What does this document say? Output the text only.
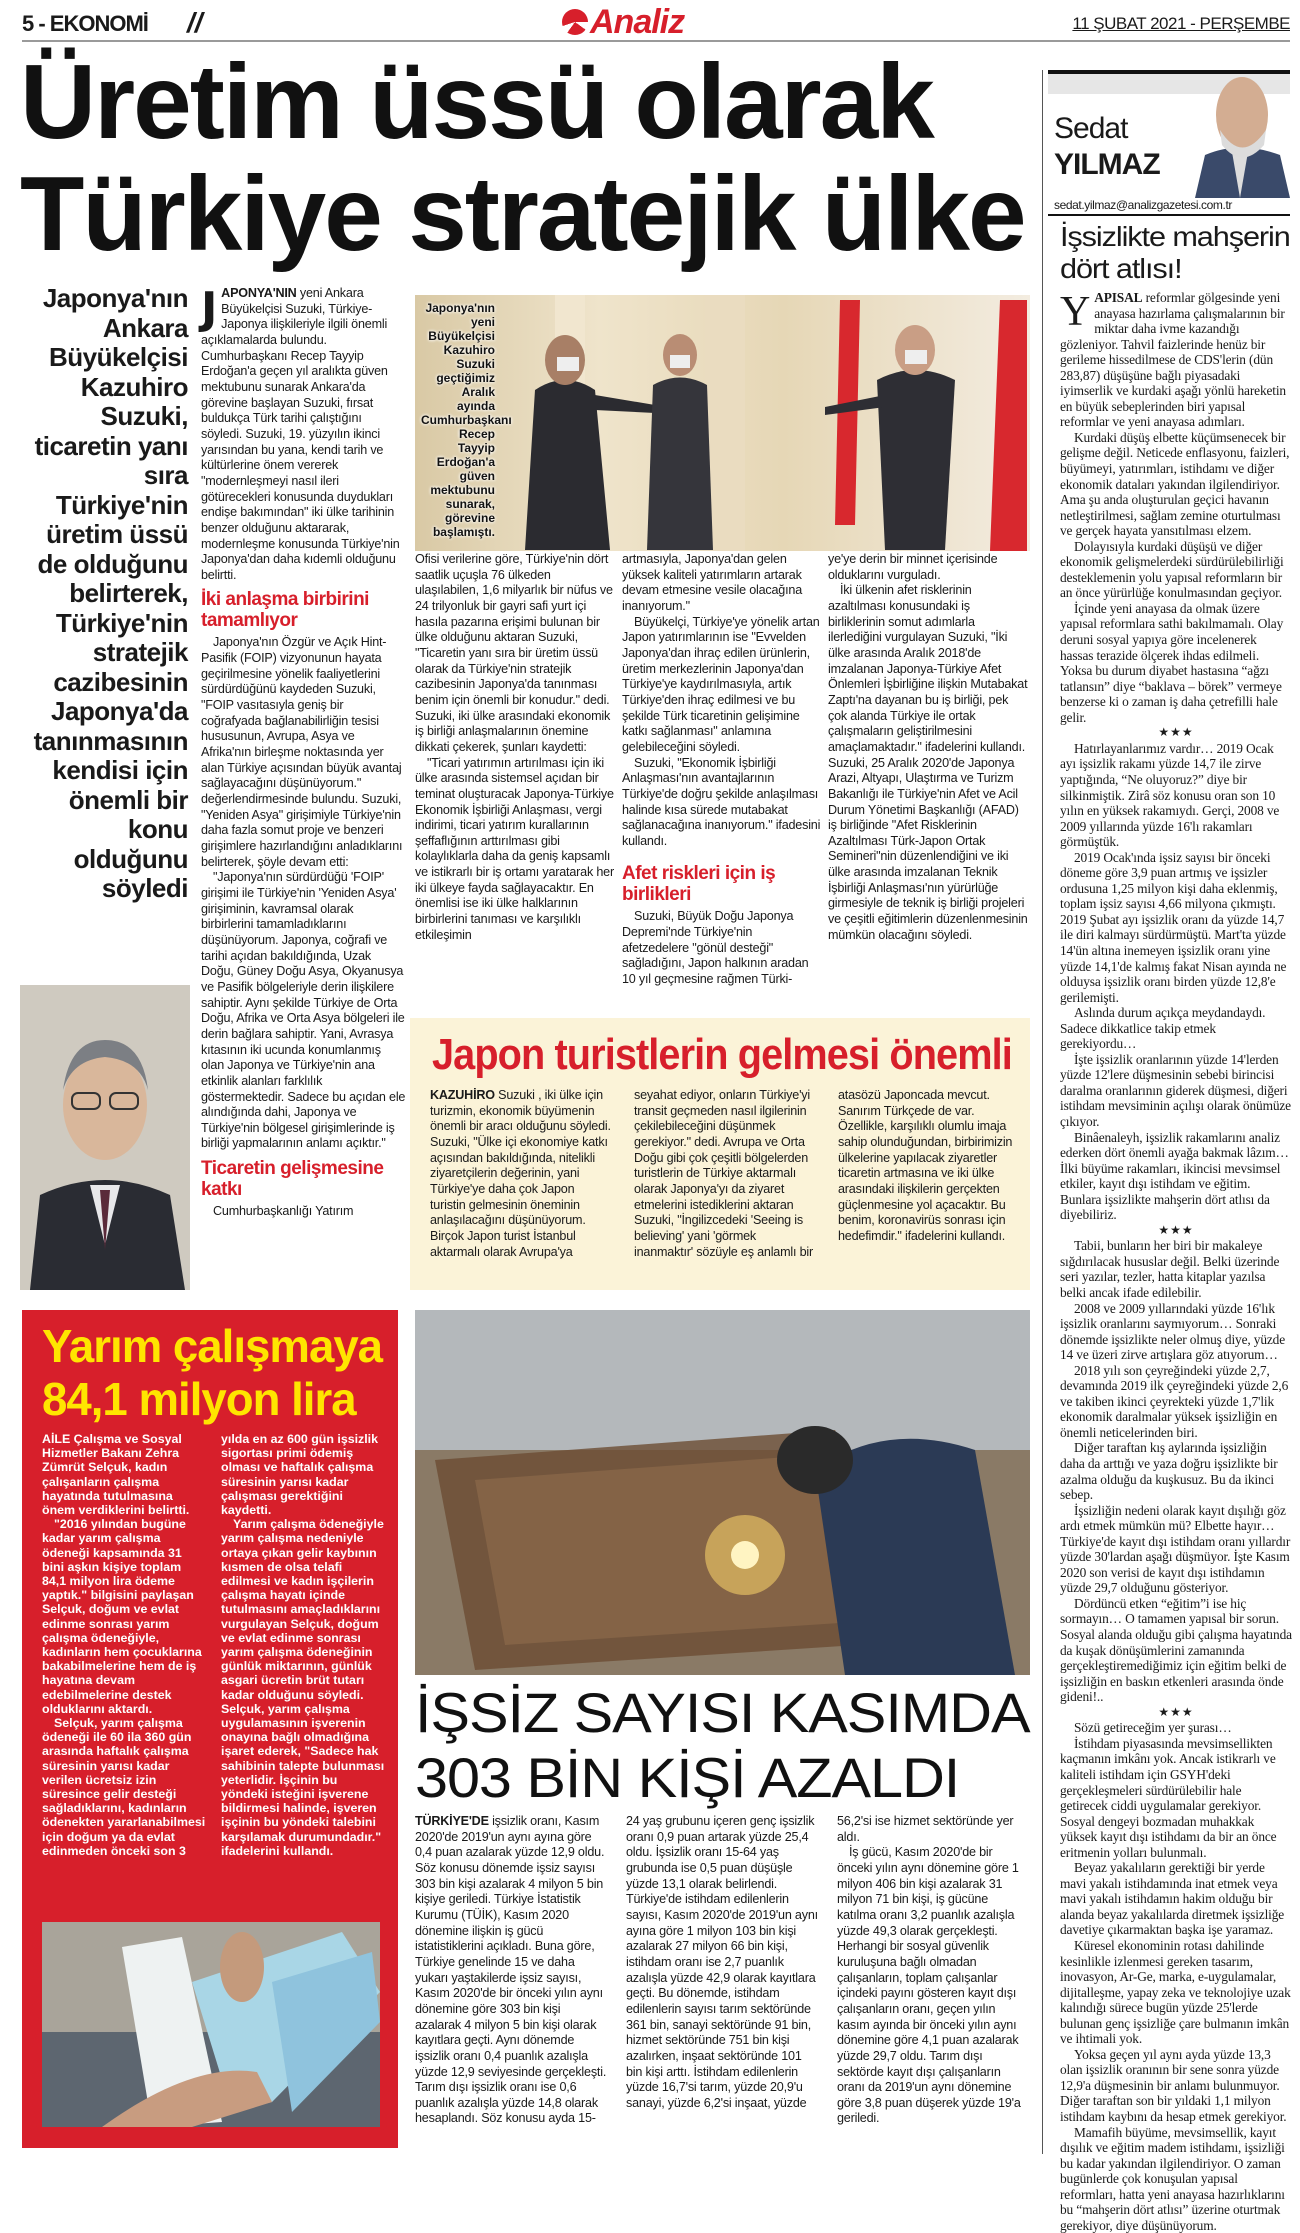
5 - EKONOMİ //	Analiz	11 ŞUBAT 2021 - PERŞEMBE
Üretim üssü olarak
Türkiye stratejik ülke
Japonya'nın Ankara Büyükelçisi Kazuhiro Suzuki, ticaretin yanı sıra Türkiye'nin üretim üssü de olduğunu belirterek, Türkiye'nin stratejik cazibesinin Japonya'da tanınmasının kendisi için önemli bir konu olduğunu söyledi

JAPONYA'NIN yeni Ankara Büyükelçisi Suzuki, Türkiye-Japonya ilişkileriyle ilgili önemli açıklamalarda bulundu. Cumhurbaşkanı Recep Tayyip Erdoğan'a geçen yıl aralıkta güven mektubunu sunarak Ankara'da görevine başlayan Suzuki, fırsat buldukça Türk tarihi çalıştığını söyledi. Suzuki, 19. yüzyılın ikinci yarısından bu yana, kendi tarih ve kültürlerine önem vererek "modernleşmeyi nasıl ileri götürecekleri konusunda duydukları endişe bakımından" iki ülke tarihinin benzer olduğunu aktararak, modernleşme konusunda Türkiye'nin Japonya'dan daha kıdemli olduğunu belirtti.

İki anlaşma birbirini tamamlıyor

Japonya'nın Özgür ve Açık Hint-Pasifik (FOIP) vizyonunun hayata geçirilmesine yönelik faaliyetlerini sürdürdüğünü kaydeden Suzuki, "FOIP vasıtasıyla geniş bir coğrafyada bağlanabilirliğin tesisi hususunun, Avrupa, Asya ve Afrika'nın birleşme noktasında yer alan Türkiye açısından büyük avantaj sağlayacağını düşünüyorum." değerlendirmesinde bulundu. Suzuki, "Yeniden Asya" girişimiyle Türkiye'nin daha fazla somut proje ve benzeri girişimlere hazırlandığını anladıklarını belirterek, şöyle devam etti:

"Japonya'nın sürdürdüğü 'FOIP' girişimi ile Türkiye'nin 'Yeniden Asya' girişiminin, kavramsal olarak birbirlerini tamamladıklarını düşünüyorum. Japonya, coğrafi ve tarihi açıdan bakıldığında, Uzak Doğu, Güney Doğu Asya, Okyanusya ve Pasifik bölgeleriyle derin ilişkilere sahiptir. Aynı şekilde Türkiye de Orta Doğu, Afrika ve Orta Asya bölgeleri ile derin bağlara sahiptir. Yani, Avrasya kıtasının iki ucunda konumlanmış olan Japonya ve Türkiye'nin ana etkinlik alanları farklılık göstermektedir. Sadece bu açıdan ele alındığında dahi, Japonya ve Türkiye'nin bölgesel girişimlerinde iş birliği yapmalarının anlamı açıktır."

Ticaretin gelişmesine katkı

Cumhurbaşkanlığı Yatırım

Japonya'nın yeni Büyükelçisi Kazuhiro Suzuki geçtiğimiz Aralık ayında Cumhurbaşkanı Recep Tayyip Erdoğan'a güven mektubunu sunarak, görevine başlamıştı.

Ofisi verilerine göre, Türkiye'nin dört saatlik uçuşla 76 ülkeden ulaşılabilen, 1,6 milyarlık bir nüfus ve 24 trilyonluk bir gayri safi yurt içi hasıla pazarına erişimi bulunan bir ülke olduğunu aktaran Suzuki, "Ticaretin yanı sıra bir üretim üssü olarak da Türkiye'nin stratejik cazibesinin Japonya'da tanınması benim için önemli bir konudur." dedi. Suzuki, iki ülke arasındaki ekonomik iş birliği anlaşmalarının önemine dikkati çekerek, şunları kaydetti:

"Ticari yatırımın artırılması için iki ülke arasında sistemsel açıdan bir teminat oluşturacak Japonya-Türkiye Ekonomik İşbirliği Anlaşması, vergi indirimi, ticari yatırım kurallarının şeffaflığının arttırılması gibi kolaylıklarla daha da geniş kapsamlı ve istikrarlı bir iş ortamı yaratarak her iki ülkeye fayda sağlayacaktır. En önemlisi ise iki ülke halklarının birbirlerini tanıması ve karşılıklı etkileşimin

artmasıyla, Japonya'dan gelen yüksek kaliteli yatırımların artarak devam etmesine vesile olacağına inanıyorum."

Büyükelçi, Türkiye'ye yönelik artan Japon yatırımlarının ise "Evvelden Japonya'dan ihraç edilen ürünlerin, üretim merkezlerinin Japonya'dan Türkiye'ye kaydırılmasıyla, artık Türkiye'den ihraç edilmesi ve bu şekilde Türk ticaretinin gelişimine katkı sağlanması" anlamına gelebileceğini söyledi.

Suzuki, "Ekonomik İşbirliği Anlaşması'nın avantajlarının Türkiye'de doğru şekilde anlaşılması halinde kısa sürede mutabakat sağlanacağına inanıyorum." ifadesini kullandı.

Afet riskleri için iş birlikleri

Suzuki, Büyük Doğu Japonya Depremi'nde Türkiye'nin afetzedelere "gönül desteği" sağladığını, Japon halkının aradan 10 yıl geçmesine rağmen Türki-

ye'ye derin bir minnet içerisinde olduklarını vurguladı.

İki ülkenin afet risklerinin azaltılması konusundaki iş birliklerinin somut adımlarla ilerlediğini vurgulayan Suzuki, "İki ülke arasında Aralık 2018'de imzalanan Japonya-Türkiye Afet Önlemleri İşbirliğine ilişkin Mutabakat Zaptı'na dayanan bu iş birliği, pek çok alanda Türkiye ile ortak çalışmaların geliştirilmesini amaçlamaktadır." ifadelerini kullandı. Suzuki, 25 Aralık 2020'de Japonya Arazi, Altyapı, Ulaştırma ve Turizm Bakanlığı ile Türkiye'nin Afet ve Acil Durum Yönetimi Başkanlığı (AFAD) iş birliğinde "Afet Risklerinin Azaltılması Türk-Japon Ortak Semineri"nin düzenlendiğini ve iki ülke arasında imzalanan Teknik İşbirliği Anlaşması'nın yürürlüğe girmesiyle de teknik iş birliği projeleri ve çeşitli eğitimlerin düzenlenmesinin mümkün olacağını söyledi.

Japon turistlerin gelmesi önemli

KAZUHİRO Suzuki , iki ülke için turizmin, ekonomik büyümenin önemli bir aracı olduğunu söyledi. Suzuki, "Ülke içi ekonomiye katkı açısından bakıldığında, nitelikli ziyaretçilerin değerinin, yani Türkiye'ye daha çok Japon turistin gelmesinin öneminin anlaşılacağını düşünüyorum. Birçok Japon turist İstanbul aktarmalı olarak Avrupa'ya seyahat ediyor, onların Türkiye'yi transit geçmeden nasıl ilgilerinin çekilebileceğini düşünmek gerekiyor." dedi. Avrupa ve Orta Doğu gibi çok çeşitli bölgelerden turistlerin de Türkiye aktarmalı olarak Japonya'yı da ziyaret etmelerini istediklerini aktaran Suzuki, "İngilizcedeki 'Seeing is believing' yani 'görmek inanmaktır' sözüyle eş anlamlı bir atasözü Japoncada mevcut. Sanırım Türkçede de var. Özellikle, karşılıklı olumlu imaja sahip olunduğundan, birbirimizin ülkelerine yapılacak ziyaretler ticaretin artmasına ve iki ülke arasındaki ilişkilerin gerçekten güçlenmesine yol açacaktır. Bu benim, koronavirüs sonrası için hedefimdir." ifadelerini kullandı.

Yarım çalışmaya
84,1 milyon lira

AİLE Çalışma ve Sosyal Hizmetler Bakanı Zehra Zümrüt Selçuk, kadın çalışanların çalışma hayatında tutulmasına önem verdiklerini belirtti.

"2016 yılından bugüne kadar yarım çalışma ödeneği kapsamında 31 bini aşkın kişiye toplam 84,1 milyon lira ödeme yaptık." bilgisini paylaşan Selçuk, doğum ve evlat edinme sonrası yarım çalışma ödeneğiyle, kadınların hem çocuklarına bakabilmelerine hem de iş hayatına devam edebilmelerine destek olduklarını aktardı.

Selçuk, yarım çalışma ödeneği ile 60 ila 360 gün arasında haftalık çalışma süresinin yarısı kadar verilen ücretsiz izin süresince gelir desteği sağladıklarını, kadınların ödenekten yararlanabilmesi için doğum ya da evlat edinmeden önceki son 3 yılda en az 600 gün işsizlik sigortası primi ödemiş olması ve haftalık çalışma süresinin yarısı kadar çalışması gerektiğini kaydetti.

Yarım çalışma ödeneğiyle yarım çalışma nedeniyle ortaya çıkan gelir kaybının kısmen de olsa telafi edilmesi ve kadın işçilerin çalışma hayatı içinde tutulmasını amaçladıklarını vurgulayan Selçuk, doğum ve evlat edinme sonrası yarım çalışma ödeneğinin günlük miktarının, günlük asgari ücretin brüt tutarı kadar olduğunu söyledi. Selçuk, yarım çalışma uygulamasının işverenin onayına bağlı olmadığına işaret ederek, "Sadece hak sahibinin talepte bulunması yeterlidir. İşçinin bu yöndeki isteğini işverene bildirmesi halinde, işveren işçinin bu yöndeki talebini karşılamak durumundadır." ifadelerini kullandı.

İŞSİZ SAYISI KASIMDA
303 BİN KİŞİ AZALDI

TÜRKİYE'DE işsizlik oranı, Kasım 2020'de 2019'un aynı ayına göre 0,4 puan azalarak yüzde 12,9 oldu. Söz konusu dönemde işsiz sayısı 303 bin kişi azalarak 4 milyon 5 bin kişiye geriledi. Türkiye İstatistik Kurumu (TÜİK), Kasım 2020 dönemine ilişkin iş gücü istatistiklerini açıkladı. Buna göre, Türkiye genelinde 15 ve daha yukarı yaştakilerde işsiz sayısı, Kasım 2020'de bir önceki yılın aynı dönemine göre 303 bin kişi azalarak 4 milyon 5 bin kişi olarak kayıtlara geçti. Aynı dönemde işsizlik oranı 0,4 puanlık azalışla yüzde 12,9 seviyesinde gerçekleşti. Tarım dışı işsizlik oranı ise 0,6 puanlık azalışla yüzde 14,8 olarak hesaplandı. Söz konusu ayda 15-24 yaş grubunu içeren genç işsizlik oranı 0,9 puan artarak yüzde 25,4 oldu. İşsizlik oranı 15-64 yaş grubunda ise 0,5 puan düşüşle yüzde 13,1 olarak belirlendi. Türkiye'de istihdam edilenlerin sayısı, Kasım 2020'de 2019'un aynı ayına göre 1 milyon 103 bin kişi azalarak 27 milyon 66 bin kişi, istihdam oranı ise 2,7 puanlık azalışla yüzde 42,9 olarak kayıtlara geçti. Bu dönemde, istihdam edilenlerin sayısı tarım sektöründe 361 bin, sanayi sektöründe 91 bin, hizmet sektöründe 751 bin kişi azalırken, inşaat sektöründe 101 bin kişi arttı. İstihdam edilenlerin yüzde 16,7'si tarım, yüzde 20,9'u sanayi, yüzde 6,2'si inşaat, yüzde 56,2'si ise hizmet sektöründe yer aldı.

İş gücü, Kasım 2020'de bir önceki yılın aynı dönemine göre 1 milyon 406 bin kişi azalarak 31 milyon 71 bin kişi, iş gücüne katılma oranı 3,2 puanlık azalışla yüzde 49,3 olarak gerçekleşti. Herhangi bir sosyal güvenlik kuruluşuna bağlı olmadan çalışanların, toplam çalışanlar içindeki payını gösteren kayıt dışı çalışanların oranı, geçen yılın kasım ayında bir önceki yılın aynı dönemine göre 4,1 puan azalarak yüzde 29,7 oldu. Tarım dışı sektörde kayıt dışı çalışanların oranı da 2019'un aynı dönemine göre 3,8 puan düşerek yüzde 19'a geriledi.

Sedat
YILMAZ
sedat.yilmaz@analizgazetesi.com.tr
İşsizlikte mahşerin
dört atlısı!

YAPISAL reformlar gölgesinde yeni anayasa hazırlama çalışmalarının bir miktar daha ivme kazandığı gözleniyor. Tahvil faizlerinde henüz bir gerileme hissedilmese de CDS'lerin (dün 283,87) düşüşüne bağlı piyasadaki iyimserlik ve kurdaki aşağı yönlü hareketin en büyük sebeplerinden biri yapısal reformlar ve yeni anayasa adımları.

Kurdaki düşüş elbette küçümsenecek bir gelişme değil. Neticede enflasyonu, faizleri, büyümeyi, yatırımları, istihdamı ve diğer ekonomik dataları yakından ilgilendiriyor. Ama şu anda oluşturulan geçici havanın netleştirilmesi, sağlam zemine oturtulması ve gerçek hayata yansıtılması elzem.

Dolayısıyla kurdaki düşüşü ve diğer ekonomik gelişmelerdeki sürdürülebilirliği desteklemenin yolu yapısal reformların bir an önce yürürlüğe konulmasından geçiyor.

İçinde yeni anayasa da olmak üzere yapısal reformlara sathi bakılmamalı. Olay deruni sosyal yapıya göre incelenerek hassas terazide ölçerek ihdas edilmeli. Yoksa bu durum diyabet hastasına “ağzı tatlansın” diye “baklava – börek” vermeye benzerse ki o zaman iş daha çetrefilli hale gelir.

★★★

Hatırlayanlarımız vardır… 2019 Ocak ayı işsizlik rakamı yüzde 14,7 ile zirve yaptığında, “Ne oluyoruz?” diye bir silkinmiştik. Zirâ söz konusu oran son 10 yılın en yüksek rakamıydı. Gerçi, 2008 ve 2009 yıllarında yüzde 16'lı rakamları görmüştük.

2019 Ocak'ında işsiz sayısı bir önceki döneme göre 3,9 puan artmış ve işsizler ordusuna 1,25 milyon kişi daha eklenmiş, toplam işsiz sayısı 4,66 milyona çıkmıştı. 2019 Şubat ayı işsizlik oranı da yüzde 14,7 ile diri kalmayı sürdürmüştü. Mart'ta yüzde 14'ün altına inemeyen işsizlik oranı yine yüzde 14,1'de kalmış fakat Nisan ayında ne olduysa işsizlik oranı birden yüzde 12,8'e gerilemişti.

Aslında durum açıkça meydandaydı. Sadece dikkatlice takip etmek gerekiyordu…

İşte işsizlik oranlarının yüzde 14'lerden yüzde 12'lere düşmesinin sebebi birincisi daralma oranlarının giderek düşmesi, diğeri istihdam mevsiminin açılışı olarak önümüze çıkıyor.

Binâenaleyh, işsizlik rakamlarını analiz ederken dört önemli ayağa bakmak lâzım… İlki büyüme rakamları, ikincisi mevsimsel etkiler, kayıt dışı istihdam ve eğitim. Bunlara işsizlikte mahşerin dört atlısı da diyebiliriz.

★★★

Tabii, bunların her biri bir makaleye sığdırılacak hususlar değil. Belki üzerinde seri yazılar, tezler, hatta kitaplar yazılsa belki ancak ifade edilebilir.

2008 ve 2009 yıllarındaki yüzde 16'lık işsizlik oranlarını saymıyorum… Sonraki dönemde işsizlikte neler olmuş diye, yüzde 14 ve üzeri zirve artışlara göz atıyorum…

2018 yılı son çeyreğindeki yüzde 2,7, devamında 2019 ilk çeyreğindeki yüzde 2,6 ve takiben ikinci çeyrekteki yüzde 1,7'lik ekonomik daralmalar yüksek işsizliğin en önemli neticelerinden biri.

Diğer taraftan kış aylarında işsizliğin daha da arttığı ve yaza doğru işsizlikte bir azalma olduğu da kuşkusuz. Bu da ikinci sebep.

İşsizliğin nedeni olarak kayıt dışılığı göz ardı etmek mümkün mü? Elbette hayır… Türkiye'de kayıt dışı istihdam oranı yıllardır yüzde 30'lardan aşağı düşmüyor. İşte Kasım 2020 son verisi de kayıt dışı istihdamın yüzde 29,7 olduğunu gösteriyor.

Dördüncü etken “eğitim”i ise hiç sormayın… O tamamen yapısal bir sorun. Sosyal alanda olduğu gibi çalışma hayatında da kuşak dönüşümlerini zamanında gerçekleştiremediğimiz için eğitim belki de işsizliğin en baskın etkenleri arasında önde gideni!..

★★★

Sözü getireceğim yer şurası…

İstihdam piyasasında mevsimsellikten kaçmanın imkânı yok. Ancak istikrarlı ve kaliteli istihdam için GSYH'deki gerçekleşmeleri sürdürülebilir hale getirecek ciddi uygulamalar gerekiyor. Sosyal dengeyi bozmadan muhakkak yüksek kayıt dışı istihdamı da bir an önce eritmenin yolları bulunmalı.

Beyaz yakalıların gerektiği bir yerde mavi yakalı istihdamında inat etmek veya mavi yakalı istihdamın hakim olduğu bir alanda beyaz yakalılarda diretmek işsizliğe davetiye çıkarmaktan başka işe yaramaz.

Küresel ekonominin rotası dahilinde kesinlikle izlenmesi gereken tasarım, inovasyon, Ar-Ge, marka, e-uygulamalar, dijitalleşme, yapay zeka ve teknolojiye uzak kalındığı sürece bugün yüzde 25'lerde bulunan genç işsizliğe çare bulmanın imkân ve ihtimali yok.

Yoksa geçen yıl aynı ayda yüzde 13,3 olan işsizlik oranının bir sene sonra yüzde 12,9'a düşmesinin bir anlamı bulunmuyor. Diğer taraftan son bir yıldaki 1,1 milyon istihdam kaybını da hesap etmek gerekiyor.

Mamafih büyüme, mevsimsellik, kayıt dışılık ve eğitim madem istihdamı, işsizliği bu kadar yakından ilgilendiriyor. O zaman bugünlerde çok konuşulan yapısal reformları, hatta yeni anayasa hazırlıklarını bu “mahşerin dört atlısı” üzerine oturtmak gerekiyor, diye düşünüyorum.
